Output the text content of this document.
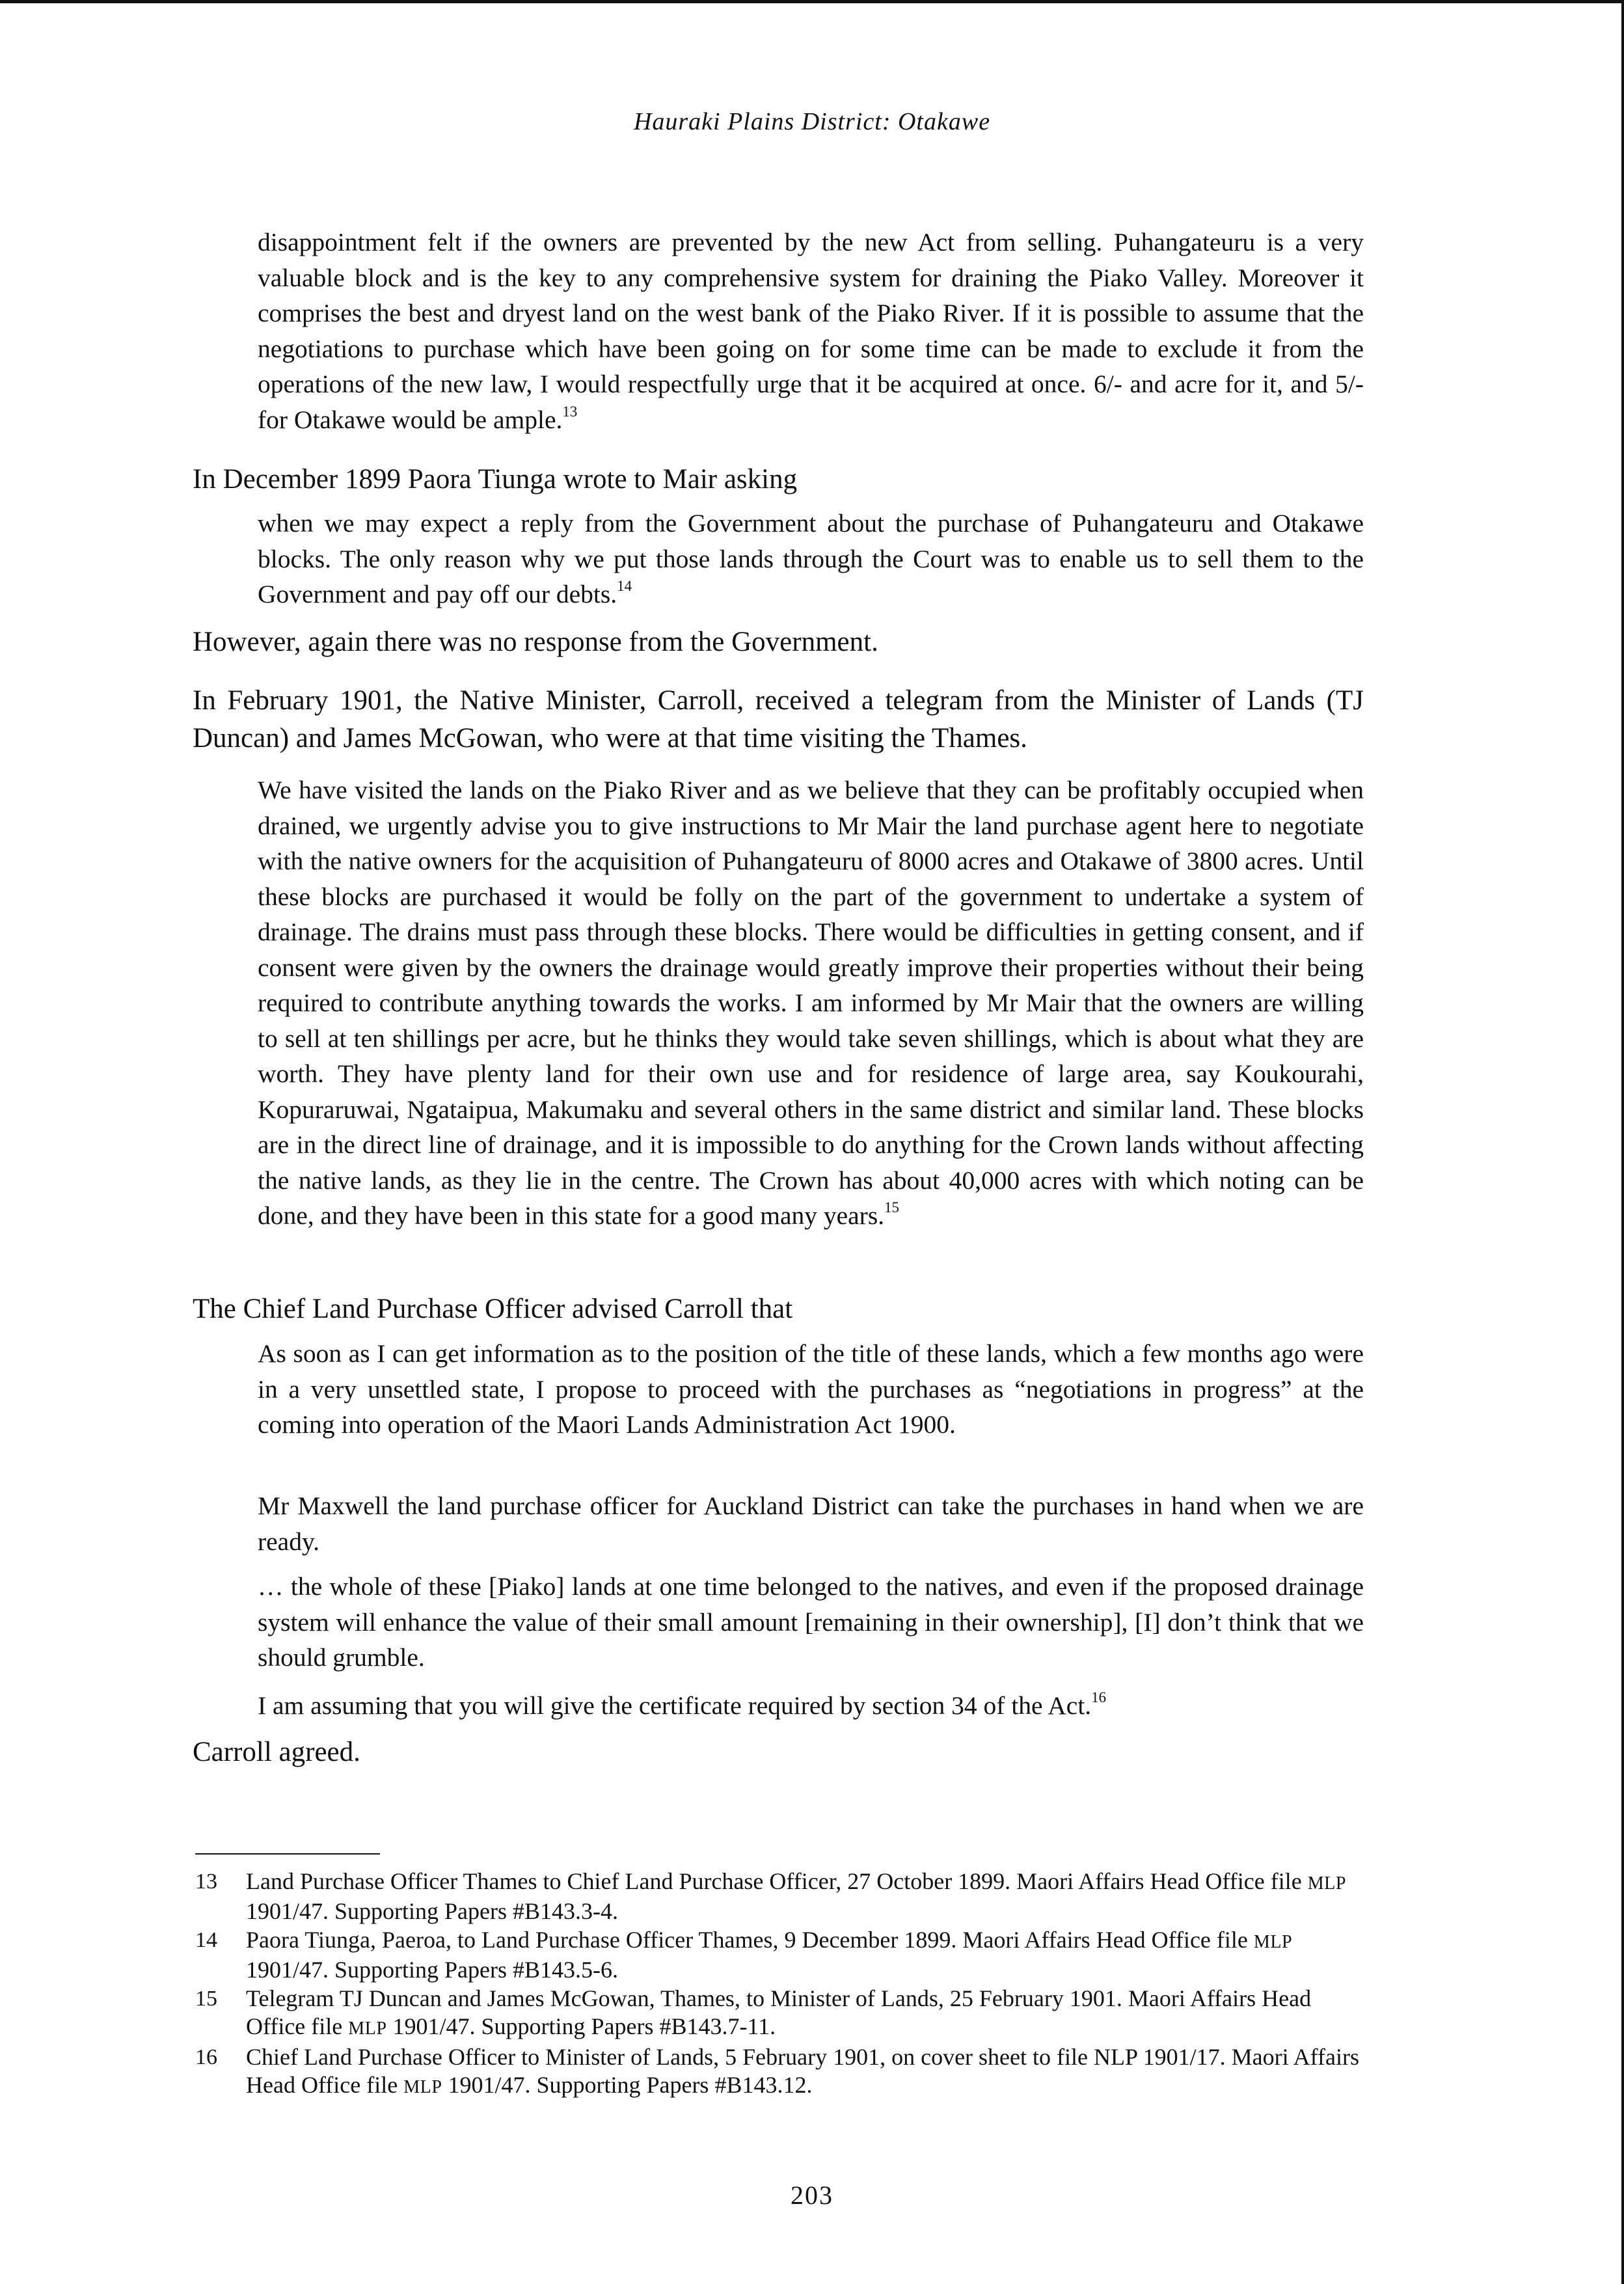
Hauraki Plains District: Otakawe

disappointment felt if the owners are prevented by the new Act from selling. Puhangateuru is a very valuable block and is the key to any comprehensive system for draining the Piako Valley. Moreover it comprises the best and dryest land on the west bank of the Piako River. If it is possible to assume that the negotiations to purchase which have been going on for some time can be made to exclude it from the operations of the new law, I would respectfully urge that it be acquired at once. 6/- and acre for it, and 5/- for Otakawe would be ample.$^{13}$

In December 1899 Paora Tiunga wrote to Mair asking

when we may expect a reply from the Government about the purchase of Puhangateuru and Otakawe blocks. The only reason why we put those lands through the Court was to enable us to sell them to the Government and pay off our debts.$^{14}$

However, again there was no response from the Government.

In February 1901, the Native Minister, Carroll, received a telegram from the Minister of Lands (TJ Duncan) and James McGowan, who were at that time visiting the Thames.

We have visited the lands on the Piako River and as we believe that they can be profitably occupied when drained, we urgently advise you to give instructions to Mr Mair the land purchase agent here to negotiate with the native owners for the acquisition of Puhangateuru of 8000 acres and Otakawe of 3800 acres. Until these blocks are purchased it would be folly on the part of the government to undertake a system of drainage. The drains must pass through these blocks. There would be difficulties in getting consent, and if consent were given by the owners the drainage would greatly improve their properties without their being required to contribute anything towards the works. I am informed by Mr Mair that the owners are willing to sell at ten shillings per acre, but he thinks they would take seven shillings, which is about what they are worth. They have plenty land for their own use and for residence of large area, say Koukourahi, Kopuraruwai, Ngataipua, Makumaku and several others in the same district and similar land. These blocks are in the direct line of drainage, and it is impossible to do anything for the Crown lands without affecting the native lands, as they lie in the centre. The Crown has about 40,000 acres with which noting can be done, and they have been in this state for a good many years.$^{15}$

The Chief Land Purchase Officer advised Carroll that

As soon as I can get information as to the position of the title of these lands, which a few months ago were in a very unsettled state, I propose to proceed with the purchases as “negotiations in progress” at the coming into operation of the Maori Lands Administration Act 1900.

Mr Maxwell the land purchase officer for Auckland District can take the purchases in hand when we are ready.

… the whole of these [Piako] lands at one time belonged to the natives, and even if the proposed drainage system will enhance the value of their small amount [remaining in their ownership], [I] don’t think that we should grumble.

I am assuming that you will give the certificate required by section 34 of the Act.$^{16}$

Carroll agreed.

13 Land Purchase Officer Thames to Chief Land Purchase Officer, 27 October 1899. Maori Affairs Head Office file MLP 1901/47. Supporting Papers #B143.3-4.

14 Paora Tiunga, Paeroa, to Land Purchase Officer Thames, 9 December 1899. Maori Affairs Head Office file MLP 1901/47. Supporting Papers #B143.5-6.

15 Telegram TJ Duncan and James McGowan, Thames, to Minister of Lands, 25 February 1901. Maori Affairs Head Office file MLP 1901/47. Supporting Papers #B143.7-11.

16 Chief Land Purchase Officer to Minister of Lands, 5 February 1901, on cover sheet to file NLP 1901/17. Maori Affairs Head Office file MLP 1901/47. Supporting Papers #B143.12.

203
